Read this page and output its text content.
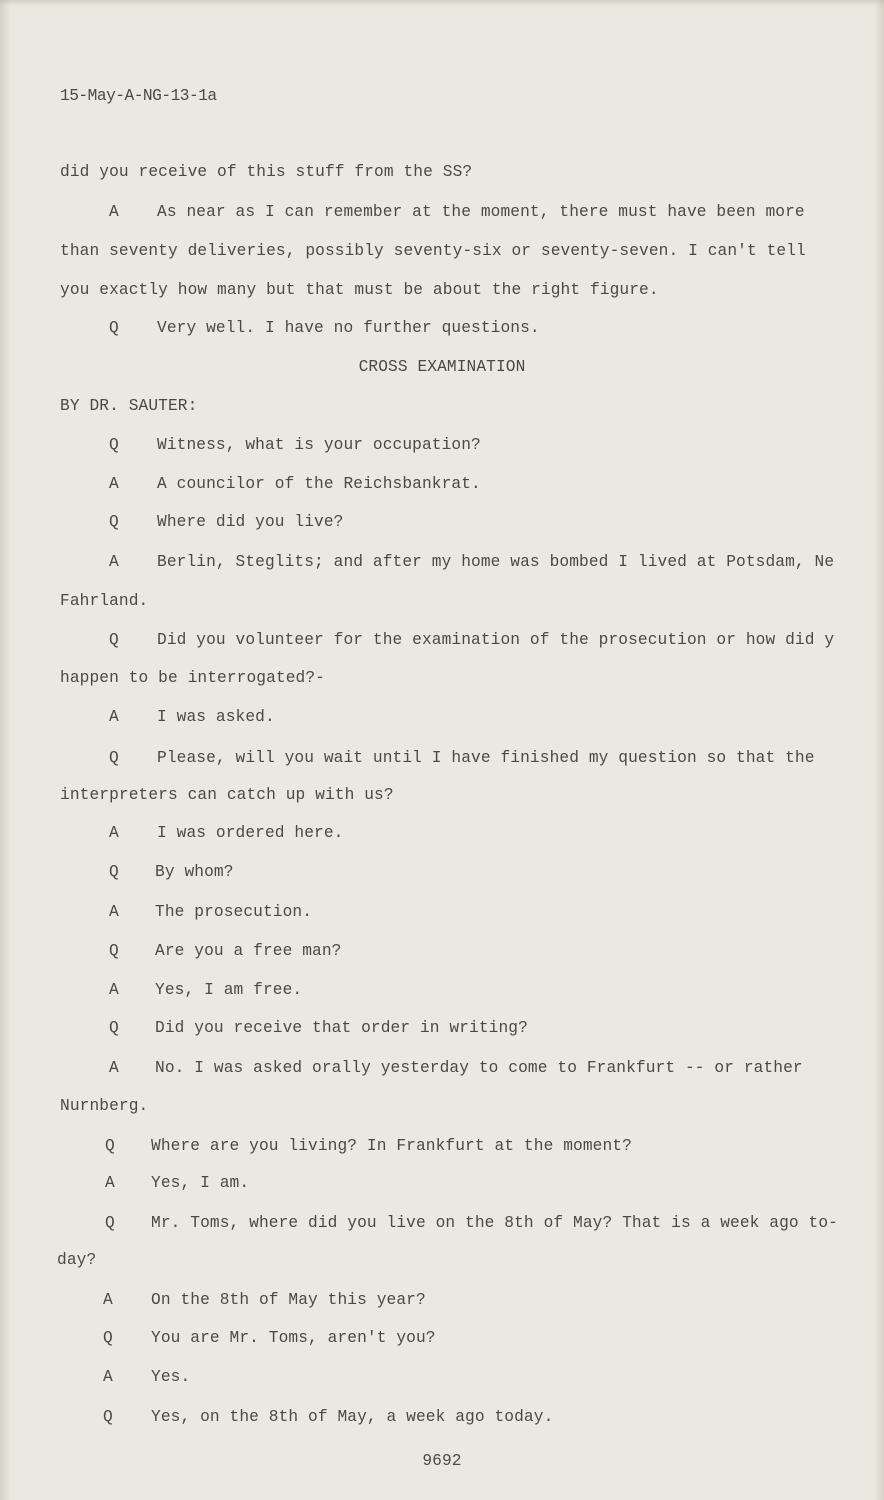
15-May-A-NG-13-1a
did you receive of this stuff from the SS?
A As near as I can remember at the moment, there must have been more
than seventy deliveries, possibly seventy-six or seventy-seven. I can't tell
you exactly how many but that must be about the right figure.
Q Very well. I have no further questions.
CROSS EXAMINATION
BY DR. SAUTER:
Q Witness, what is your occupation?
A A councilor of the Reichsbankrat.
Q Where did you live?
A Berlin, Steglits; and after my home was bombed I lived at Potsdam, Ne
Fahrland.
Q Did you volunteer for the examination of the prosecution or how did y
happen to be interrogated?-
A I was asked.
Q Please, will you wait until I have finished my question so that the
interpreters can catch up with us?
A I was ordered here.
Q By whom?
A The prosecution.
Q Are you a free man?
A Yes, I am free.
Q Did you receive that order in writing?
A No. I was asked orally yesterday to come to Frankfurt -- or rather
Nurnberg.
Q Where are you living? In Frankfurt at the moment?
A Yes, I am.
Q Mr. Toms, where did you live on the 8th of May? That is a week ago to-
day?
A On the 8th of May this year?
Q You are Mr. Toms, aren't you?
A Yes.
Q Yes, on the 8th of May, a week ago today.
9692
